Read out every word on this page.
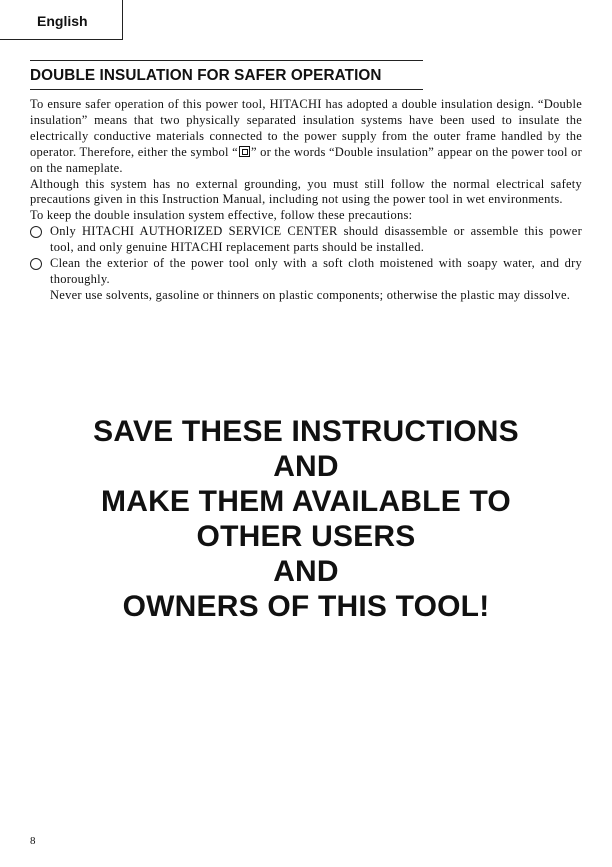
English
DOUBLE INSULATION FOR SAFER OPERATION

To ensure safer operation of this power tool, HITACHI has adopted a double insulation design. “Double insulation” means that two physically separated insulation systems have been used to insulate the electrically conductive materials connected to the power supply from the outer frame handled by the operator. Therefore, either the symbol “ ” or the words “Double insulation” appear on the power tool or on the nameplate.

Although this system has no external grounding, you must still follow the normal electrical safety precautions given in this Instruction Manual, including not using the power tool in wet environments.

To keep the double insulation system effective, follow these precautions:

Only HITACHI AUTHORIZED SERVICE CENTER should disassemble or assemble this power tool, and only genuine HITACHI replacement parts should be installed.
Clean the exterior of the power tool only with a soft cloth moistened with soapy water, and dry thoroughly.
Never use solvents, gasoline or thinners on plastic components; otherwise the plastic may dissolve.
SAVE THESE INSTRUCTIONS
AND
MAKE THEM AVAILABLE TO
OTHER USERS
AND
OWNERS OF THIS TOOL!
8
